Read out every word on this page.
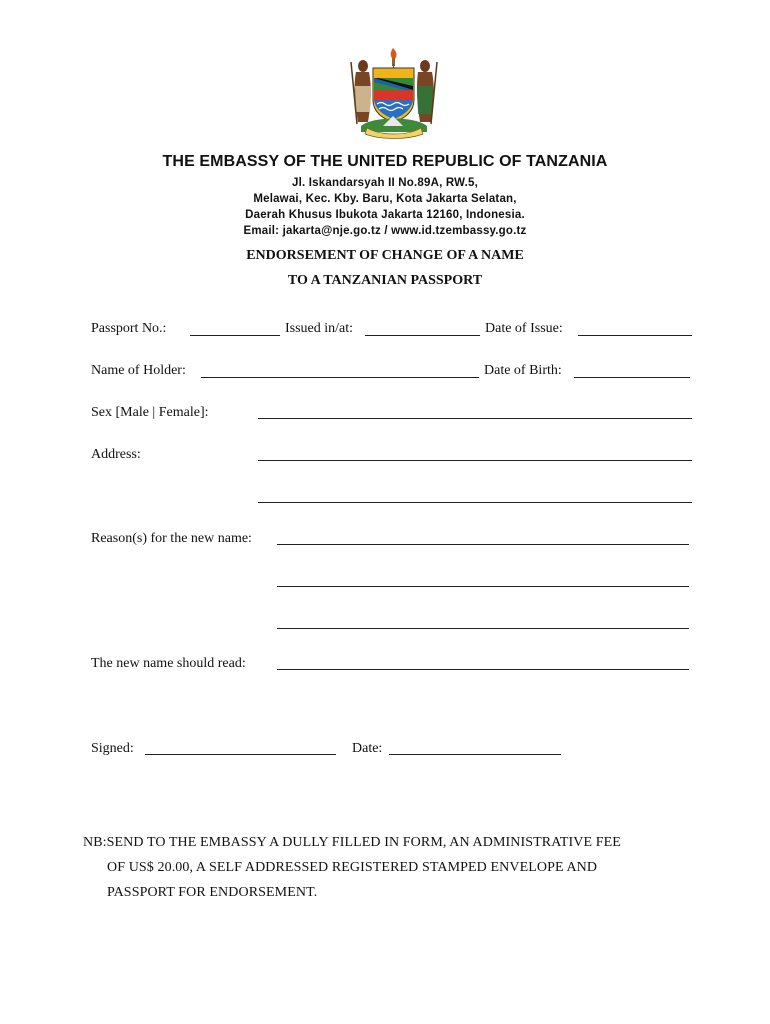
·
THE EMBASSY OF THE UNITED REPUBLIC OF TANZANIA
Jl. Iskandarsyah II No.89A, RW.5,
Melawai, Kec. Kby. Baru, Kota Jakarta Selatan,
Daerah Khusus Ibukota Jakarta 12160, Indonesia.
Email: jakarta@nje.go.tz / www.id.tzembassy.go.tz
ENDORSEMENT OF CHANGE OF A NAME
TO A TANZANIAN PASSPORT
Passport No.:	Issued in/at:	Date of Issue:
Name of Holder:	Date of Birth:
Sex [Male | Female]:
Address:
Reason(s) for the new name:
The new name should read:
Signed:	Date:
NB:SEND TO THE EMBASSY A DULLY FILLED IN FORM, AN ADMINISTRATIVE FEE
OF US$ 20.00, A SELF ADDRESSED REGISTERED STAMPED ENVELOPE AND
PASSPORT FOR ENDORSEMENT.
